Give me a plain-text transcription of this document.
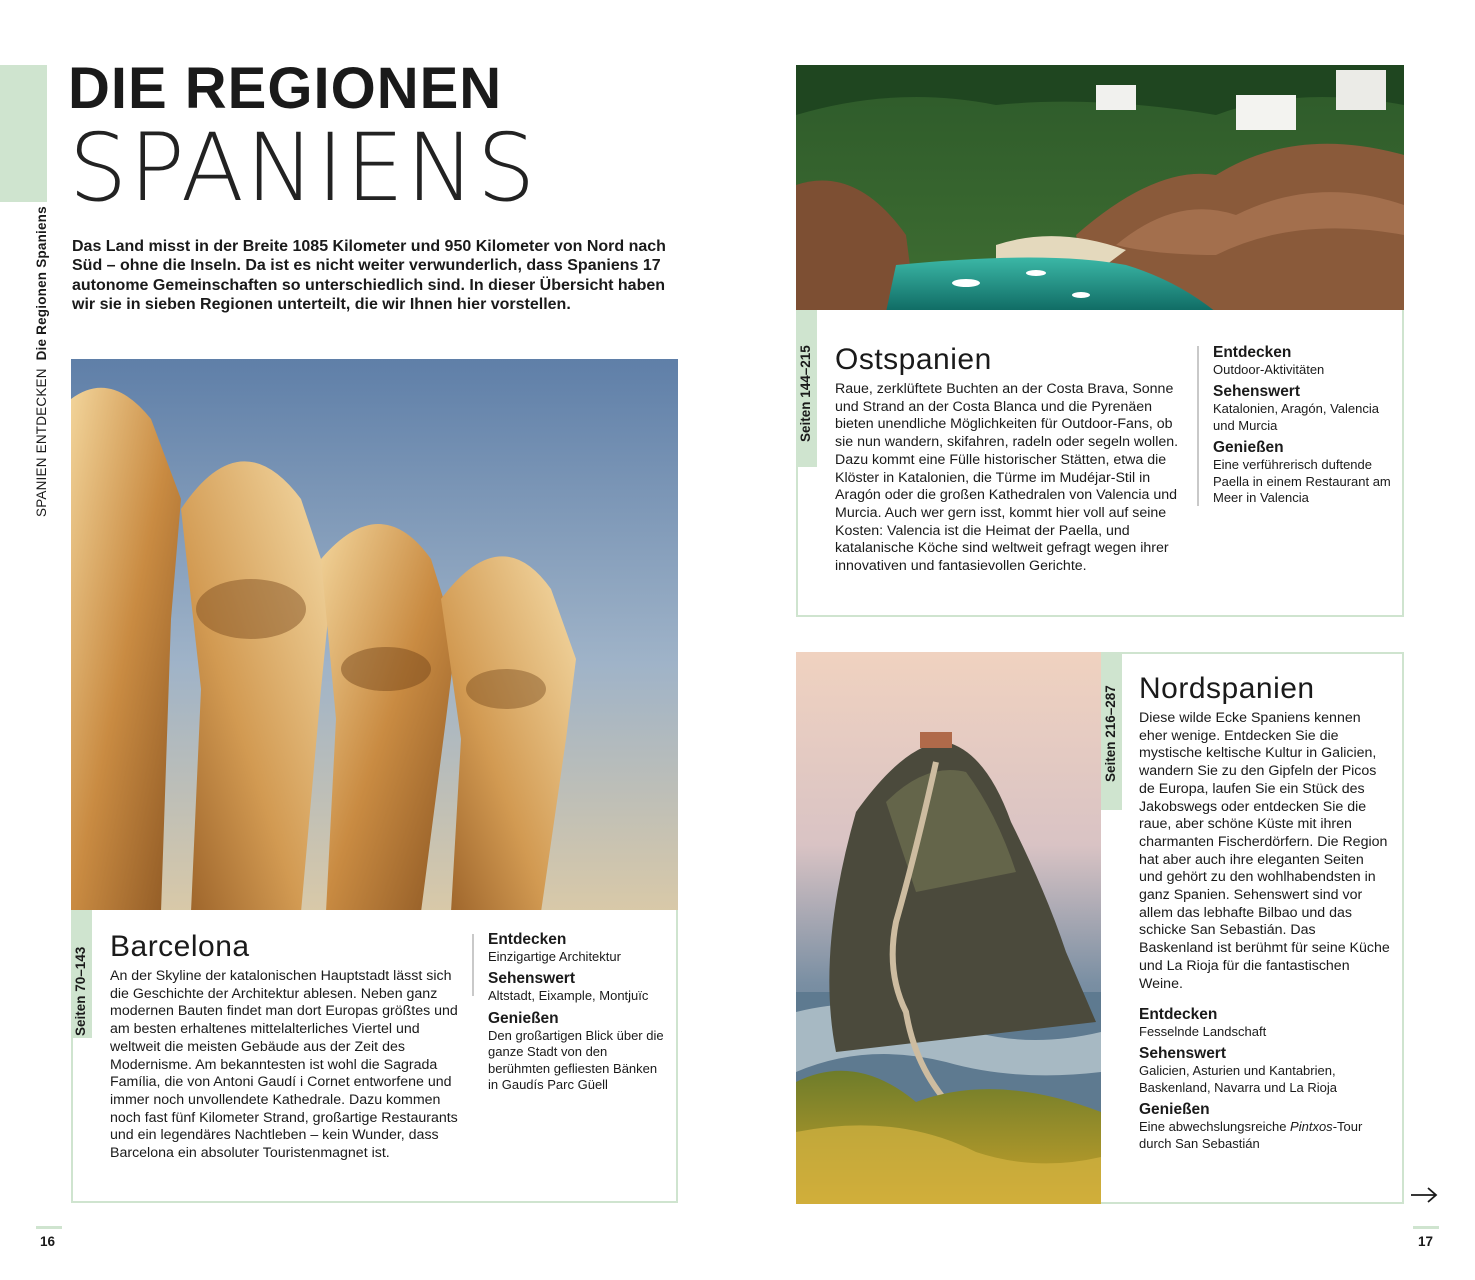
SPANIEN ENTDECKEN  Die Regionen Spaniens
DIE REGIONEN
SPANIENS
Das Land misst in der Breite 1085 Kilometer und 950 Kilometer von Nord nach Süd – ohne die Inseln. Da ist es nicht weiter verwunderlich, dass Spaniens 17 autonome Gemeinschaften so unterschiedlich sind. In dieser Übersicht haben wir sie in sieben Regionen unterteilt, die wir Ihnen hier vorstellen.
Seiten 70–143
Barcelona
An der Skyline der katalonischen Hauptstadt lässt sich die Geschichte der Architektur ablesen. Neben ganz modernen Bauten findet man dort Europas größtes und am besten erhaltenes mittelalterliches Viertel und weltweit die meisten Gebäude aus der Zeit des Modernisme. Am bekanntesten ist wohl die Sagrada Família, die von Antoni Gaudí i Cornet entworfene und immer noch unvollendete Kathedrale. Dazu kommen noch fast fünf Kilometer Strand, großartige Restaurants und ein legendäres Nachtleben – kein Wunder, dass Barcelona ein absoluter Touristenmagnet ist.
Entdecken
Einzigartige Architektur
Sehenswert
Altstadt, Eixample, Montjuïc
Genießen
Den großartigen Blick über die ganze Stadt von den berühmten gefliesten Bänken in Gaudís Parc Güell
Seiten 144–215 Ostspanien
Raue, zerklüftete Buchten an der Costa Brava, Sonne und Strand an der Costa Blanca und die Pyrenäen bieten unendliche Möglichkeiten für Outdoor-Fans, ob sie nun wandern, skifahren, radeln oder segeln wollen. Dazu kommt eine Fülle historischer Stätten, etwa die Klöster in Katalonien, die Türme im Mudéjar-Stil in Aragón oder die großen Kathedralen von Valencia und Murcia. Auch wer gern isst, kommt hier voll auf seine Kosten: Valencia ist die Heimat der Paella, und katalanische Köche sind weltweit gefragt wegen ihrer innovativen und fantasievollen Gerichte.
Entdecken
Outdoor-Aktivitäten
Sehenswert
Katalonien, Aragón, Valencia und Murcia
Genießen
Eine verführerisch duftende Paella in einem Restaurant am Meer in Valencia
Seiten 216–287 Nordspanien
Diese wilde Ecke Spaniens kennen eher wenige. Entdecken Sie die mystische keltische Kultur in Galicien, wandern Sie zu den Gipfeln der Picos de Europa, laufen Sie ein Stück des Jakobswegs oder entdecken Sie die raue, aber schöne Küste mit ihren charmanten Fischerdörfern. Die Region hat aber auch ihre eleganten Seiten und gehört zu den wohlhabendsten in ganz Spanien. Sehenswert sind vor allem das lebhafte Bilbao und das schicke San Sebastián. Das Baskenland ist berühmt für seine Küche und La Rioja für die fantastischen Weine.
Entdecken
Fesselnde Landschaft
Sehenswert
Galicien, Asturien und Kantabrien, Baskenland, Navarra und La Rioja
Genießen
Eine abwechslungsreiche Pintxos-Tour durch San Sebastián
16	17
